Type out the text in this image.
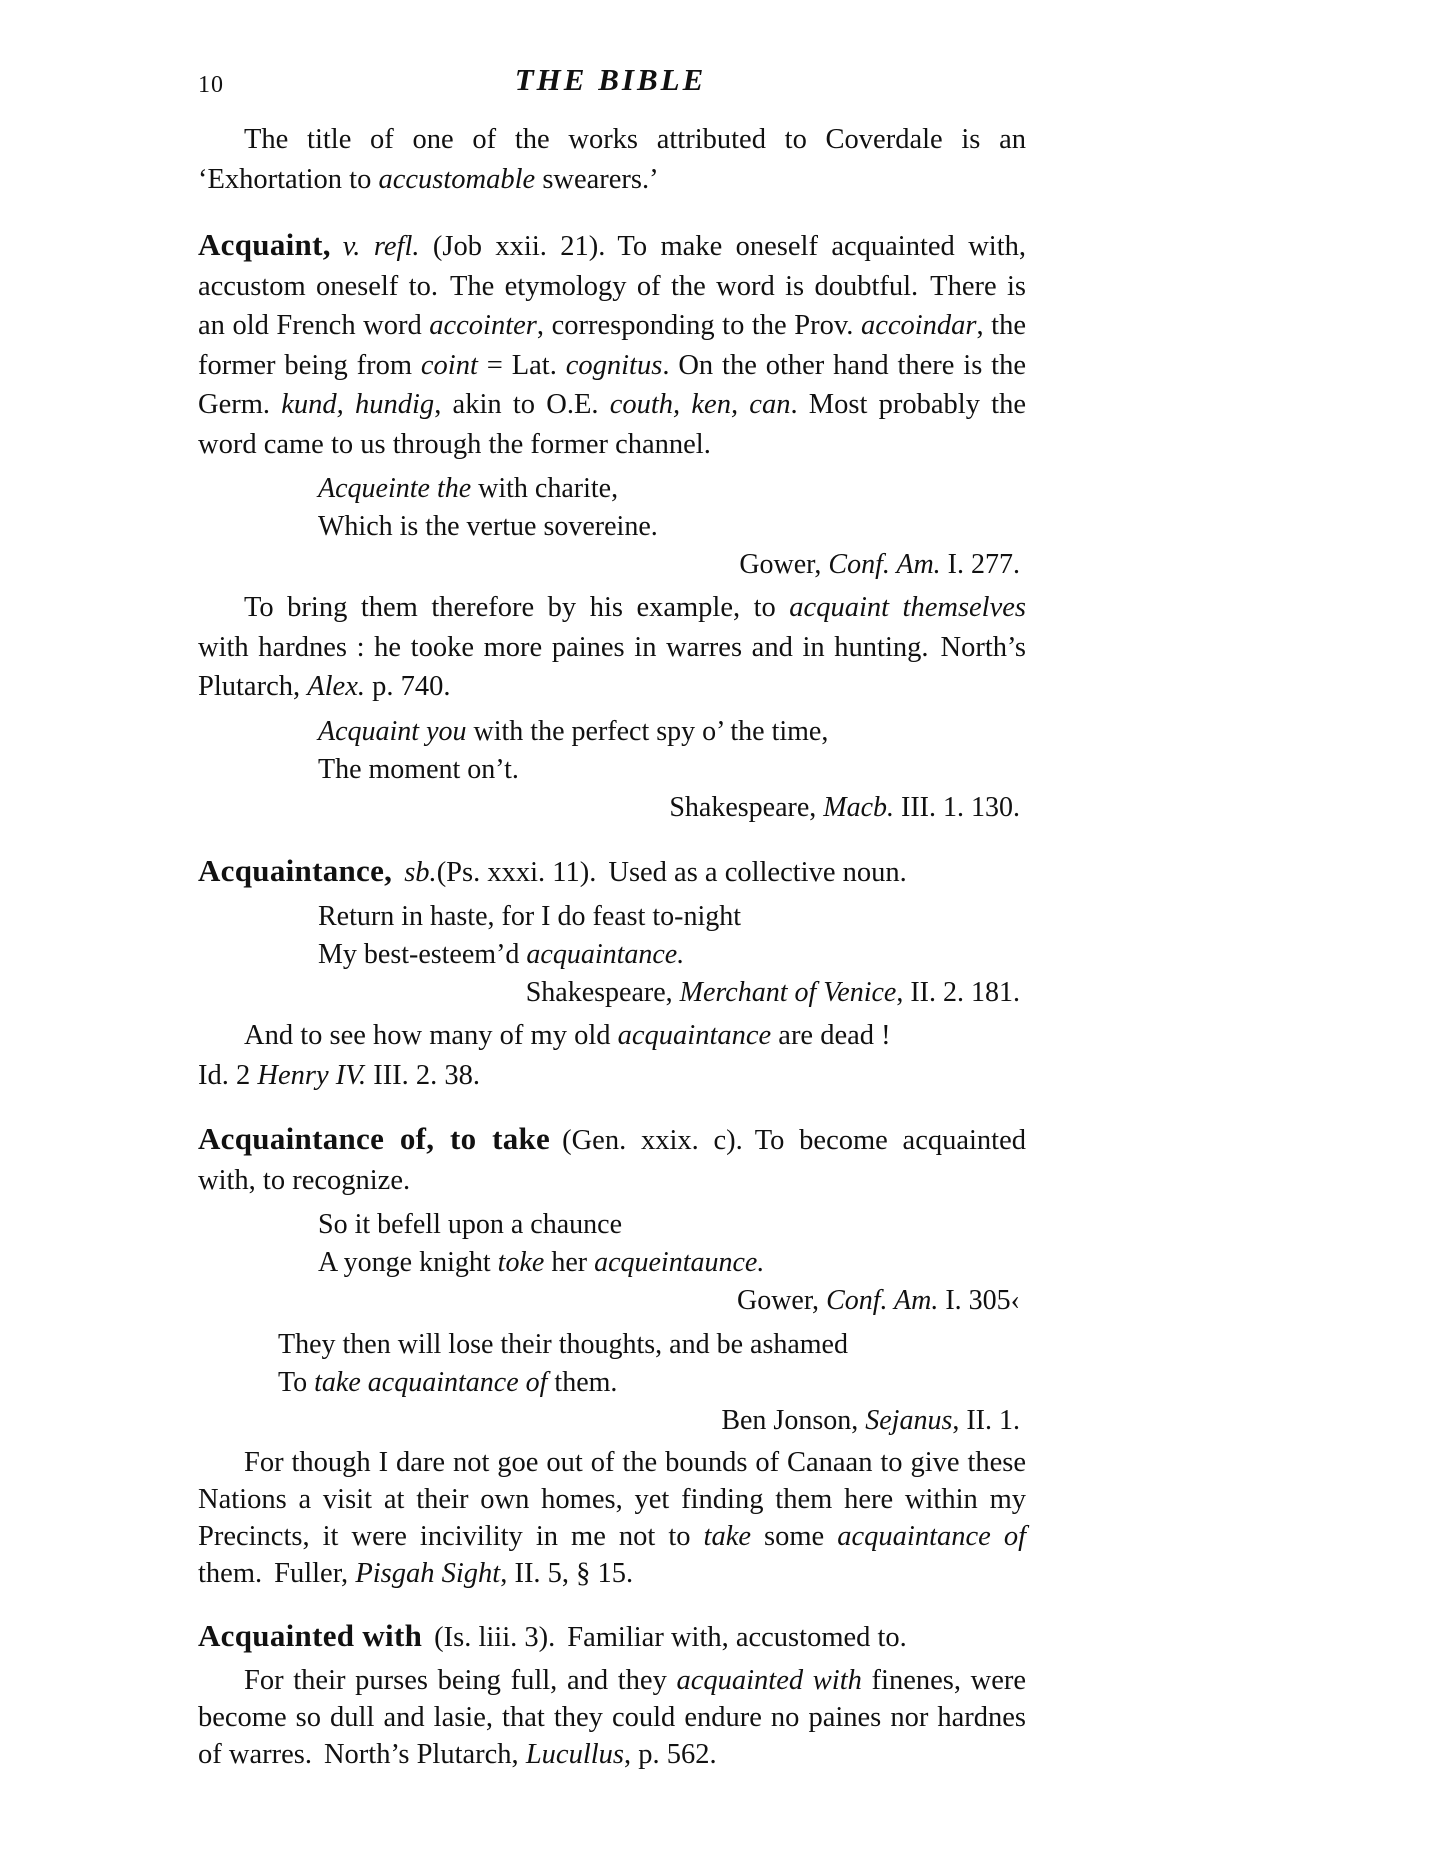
10	THE BIBLE

The title of one of the works attributed to Coverdale is an ‘Exhortation to accustomable swearers.’

Acquaint, v. refl. (Job xxii. 21). To make oneself acquainted with, accustom oneself to. The etymology of the word is doubtful. There is an old French word accointer, corresponding to the Prov. accoindar, the former being from coint = Lat. cognitus. On the other hand there is the Germ. kund, hundig, akin to O.E. couth, ken, can. Most probably the word came to us through the former channel.

Acqueinte the with charite,
Which is the vertue sovereine.
Gower, Conf. Am. I. 277.

To bring them therefore by his example, to acquaint themselves with hardnes : he tooke more paines in warres and in hunting. North’s Plutarch, Alex. p. 740.

Acquaint you with the perfect spy o’ the time,
The moment on’t.
Shakespeare, Macb. III. 1. 130.

Acquaintance, sb.(Ps. xxxi. 11). Used as a collective noun.

Return in haste, for I do feast to-night
My best-esteem’d acquaintance.
Shakespeare, Merchant of Venice, II. 2. 181.

And to see how many of my old acquaintance are dead !
Id. 2 Henry IV. III. 2. 38.

Acquaintance of, to take (Gen. xxix. c). To become acquainted with, to recognize.

So it befell upon a chaunce
A yonge knight toke her acqueintaunce.
Gower, Conf. Am. I. 305‹
They then will lose their thoughts, and be ashamed
To take acquaintance of them.
Ben Jonson, Sejanus, II. 1.

For though I dare not goe out of the bounds of Canaan to give these Nations a visit at their own homes, yet finding them here within my Precincts, it were incivility in me not to take some acquaintance of them. Fuller, Pisgah Sight, II. 5, § 15.

Acquainted with (Is. liii. 3). Familiar with, accustomed to.

For their purses being full, and they acquainted with finenes, were become so dull and lasie, that they could endure no paines nor hardnes of warres. North’s Plutarch, Lucullus, p. 562.
